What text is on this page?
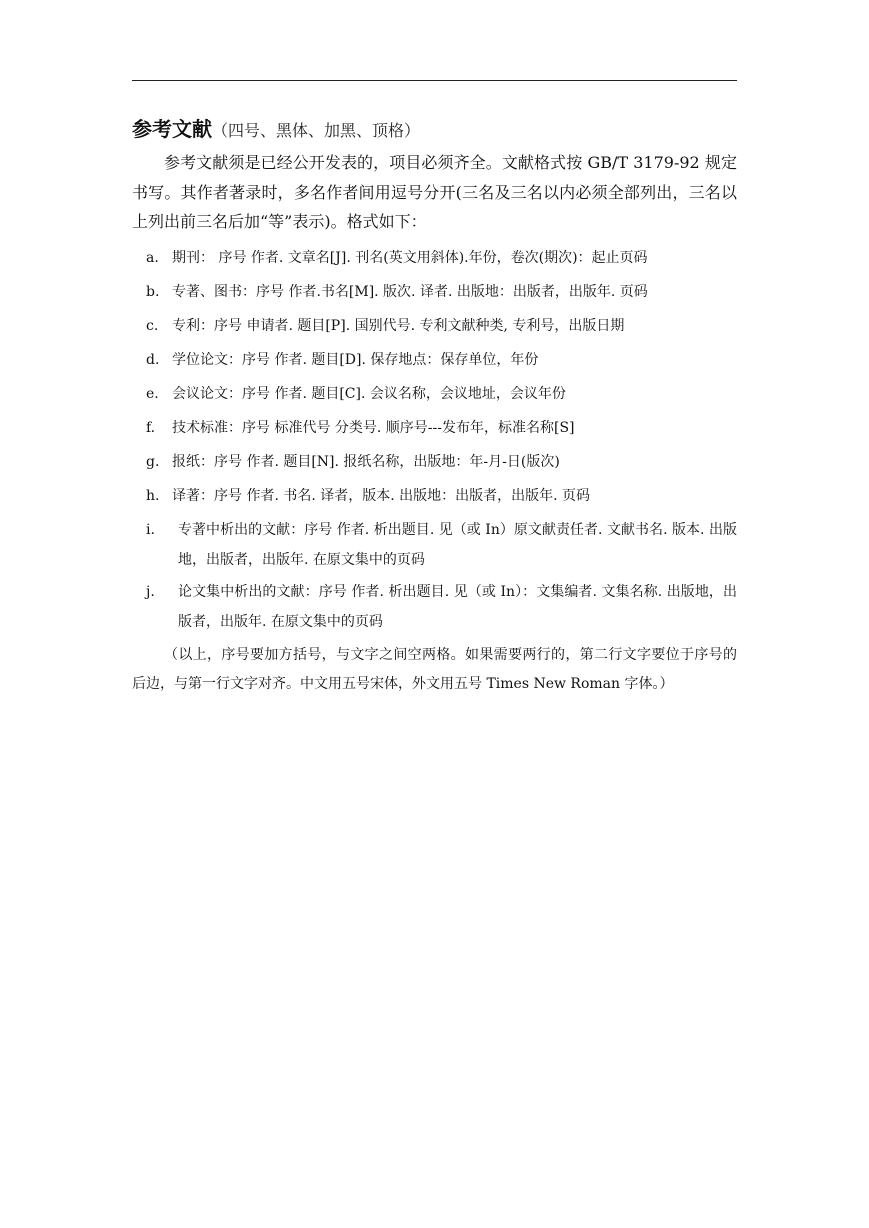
参考文献（四号、黑体、加黑、顶格）

参考文献须是已经公开发表的，项目必须齐全。文献格式按 GB/T 3179-92 规定书写。其作者著录时，多名作者间用逗号分开(三名及三名以内必须全部列出，三名以上列出前三名后加“等”表示)。格式如下：

a. 期刊： 序号 作者. 文章名[J]. 刊名(英文用斜体).年份，卷次(期次)：起止页码
b. 专著、图书：序号 作者.书名[M]. 版次. 译者. 出版地：出版者，出版年. 页码
c. 专利：序号 申请者. 题目[P]. 国别代号. 专利文献种类, 专利号，出版日期
d. 学位论文：序号 作者. 题目[D]. 保存地点：保存单位，年份
e. 会议论文：序号 作者. 题目[C]. 会议名称，会议地址，会议年份
f.	技术标准：序号 标准代号 分类号. 顺序号---发布年，标准名称[S]
g. 报纸：序号 作者. 题目[N]. 报纸名称，出版地：年-月-日(版次)
h. 译著：序号 作者. 书名. 译者，版本. 出版地：出版者，出版年. 页码
i.	专著中析出的文献：序号 作者. 析出题目. 见（或 In）原文献责任者. 文献书名. 版本. 出版地，出版者，出版年. 在原文集中的页码
j.	论文集中析出的文献：序号 作者. 析出题目. 见（或 In）：文集编者. 文集名称. 出版地，出版者，出版年. 在原文集中的页码

（以上，序号要加方括号，与文字之间空两格。如果需要两行的，第二行文字要位于序号的后边，与第一行文字对齐。中文用五号宋体，外文用五号 Times New Roman 字体。）
